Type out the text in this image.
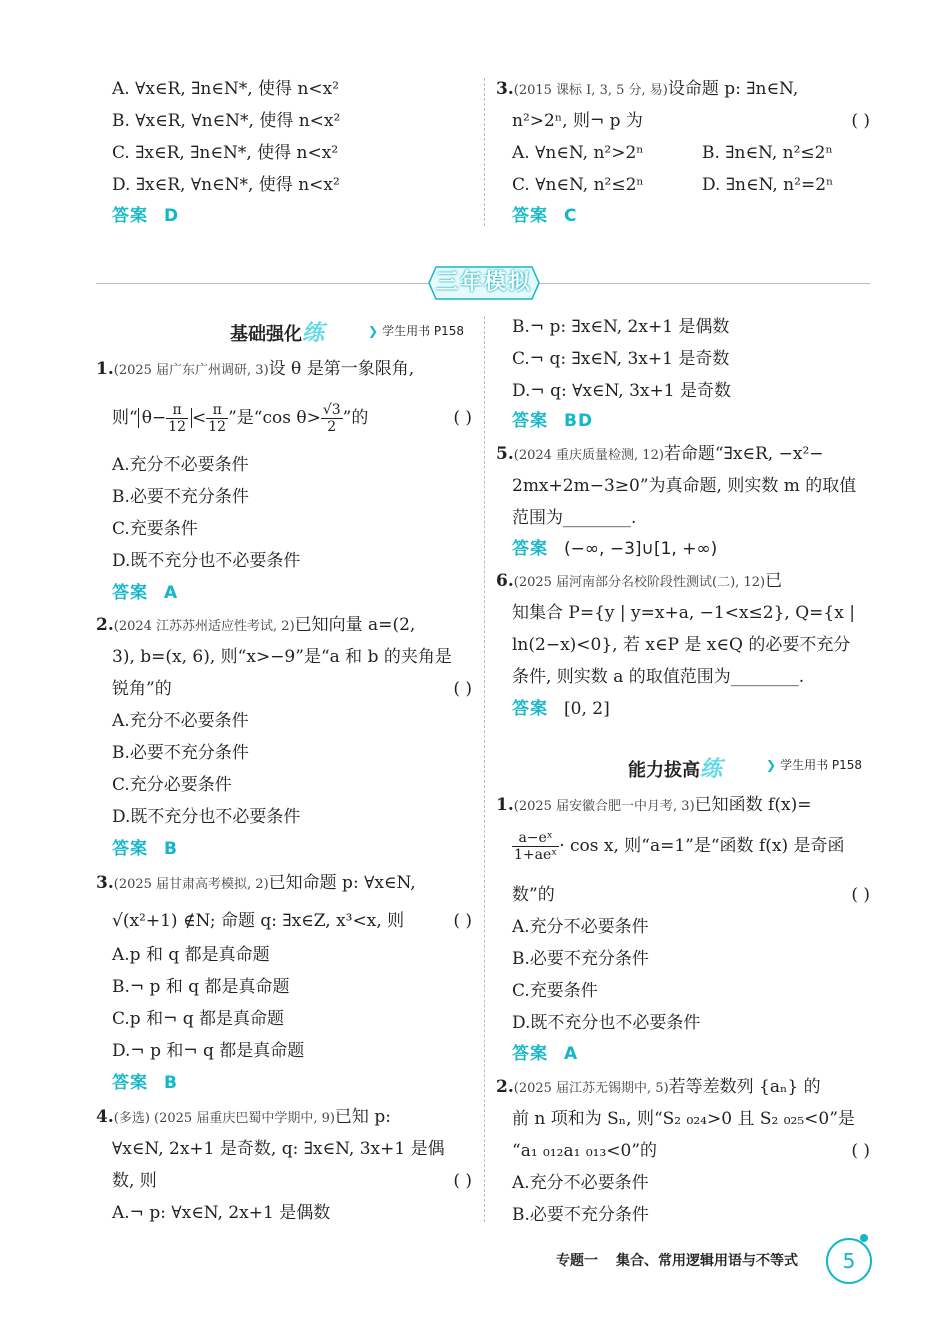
A. ∀x∈R, ∃n∈N*, 使得 n<x²
B. ∀x∈R, ∀n∈N*, 使得 n<x²
C. ∃x∈R, ∃n∈N*, 使得 n<x²
D. ∃x∈R, ∀n∈N*, 使得 n<x²
答案 D
3.(2015 课标 Ⅰ, 3, 5 分, 易)设命题 p: ∃n∈N,
n²>2ⁿ, 则¬ p 为	( )
A. ∀n∈N, n²>2ⁿ	B. ∃n∈N, n²≤2ⁿ
C. ∀n∈N, n²≤2ⁿ	D. ∃n∈N, n²=2ⁿ
答案 C
三年模拟
基础强化练	❯ 学生用书 P158
1.(2025 届广东广州调研, 3)设 θ 是第一象限角,
则“ $\theta- \frac{\pi}{12} < \frac{\pi}{12}$ ”是“cos $\theta> \frac{√3}{2}$ ”的	( )
A.充分不必要条件
B.必要不充分条件
C.充要条件
D.既不充分也不必要条件
答案 A
2.(2024 江苏苏州适应性考试, 2)已知向量 a=(2,
3), b=(x, 6), 则“x>−9”是“a 和 b 的夹角是
锐角”的	( )
A.充分不必要条件
B.必要不充分条件
C.充分必要条件
D.既不充分也不必要条件
答案 B
3.(2025 届甘肃高考模拟, 2)已知命题 p: ∀x∈N,
√(x²+1) ∉N; 命题 q: ∃x∈Z, x³<x, 则	( )
A.p 和 q 都是真命题
B.¬ p 和 q 都是真命题
C.p 和¬ q 都是真命题
D.¬ p 和¬ q 都是真命题
答案 B
4.(多选) (2025 届重庆巴蜀中学期中, 9)已知 p:
∀x∈N, 2x+1 是奇数, q: ∃x∈N, 3x+1 是偶
数, 则	( )
A.¬ p: ∀x∈N, 2x+1 是偶数
B.¬ p: ∃x∈N, 2x+1 是偶数
C.¬ q: ∃x∈N, 3x+1 是奇数
D.¬ q: ∀x∈N, 3x+1 是奇数
答案 BD
5.(2024 重庆质量检测, 12)若命题“∃x∈R, −x²−
2mx+2m−3≥0”为真命题, 则实数 m 的取值
范围为________.
答案 (−∞, −3]∪[1, +∞)
6.(2025 届河南部分名校阶段性测试(二), 12)已
知集合 P={y | y=x+a, −1<x≤2}, Q={x |
ln(2−x)<0}, 若 x∈P 是 x∈Q 的必要不充分
条件, 则实数 a 的取值范围为________.
答案 [0, 2]
能力拔高练	❯ 学生用书 P158
1.(2025 届安徽合肥一中月考, 3)已知函数 f(x)=
$\frac{\text{a−eˣ}}{\text{1+aeˣ}} \cdot \cos x$, 则“a=1”是“函数 f(x) 是奇函
数”的	( )
A.充分不必要条件
B.必要不充分条件
C.充要条件
D.既不充分也不必要条件
答案 A
2.(2025 届江苏无锡期中, 5)若等差数列 {aₙ} 的
前 n 项和为 Sₙ, 则“S₂ ₀₂₄>0 且 S₂ ₀₂₅<0”是
“a₁ ₀₁₂a₁ ₀₁₃<0”的	( )
A.充分不必要条件
B.必要不充分条件
专题一 集合、常用逻辑用语与不等式	5
